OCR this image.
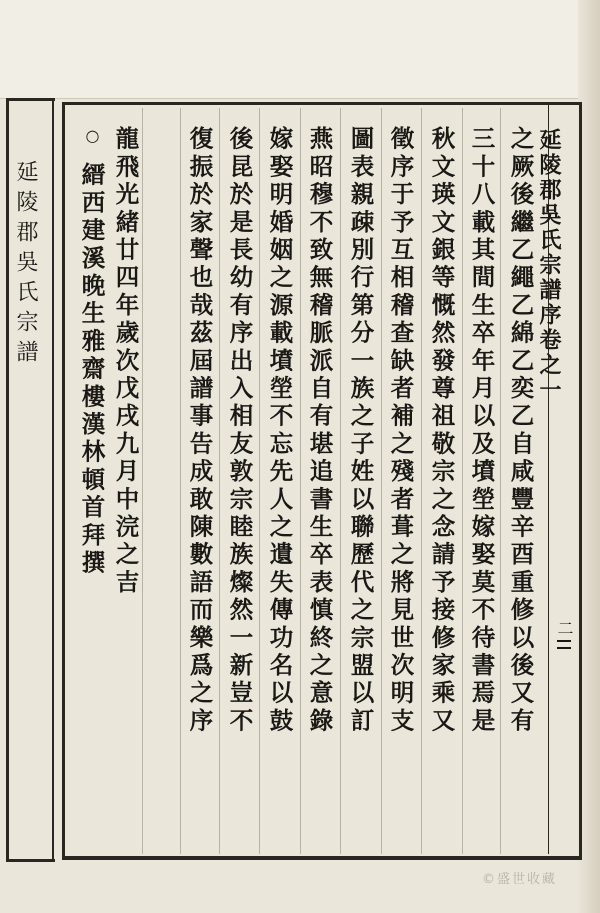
延陵郡吳氏宗譜
　	延陵郡吳氏宗譜序卷之一
之厥後繼乙繩乙綿乙奕乙自咸豐辛酉重修以後又有
三十八載其間生卒年月以及墳塋嫁娶莫不待書焉是
秋文瑛文銀等慨然發尊祖敬宗之念請予接修家乘又
徵序于予互相稽查缺者補之殘者葺之將見世次明支
圖表親疎別行第分一族之子姓以聯歷代之宗盟以訂
燕昭穆不致無稽脈派自有堪追書生卒表慎終之意錄
嫁娶明婚姻之源載墳塋不忘先人之遺失傳功名以鼓
後昆於是長幼有序出入相友敦宗睦族燦然一新豈不
復振於家聲也哉茲屆譜事告成敢陳數語而樂爲之序
龍飛光緒廿四年歲次戊戌九月中浣之吉
○
縉西建溪晚生雅齋樓漢林頓首拜撰
二
©盛世收藏
